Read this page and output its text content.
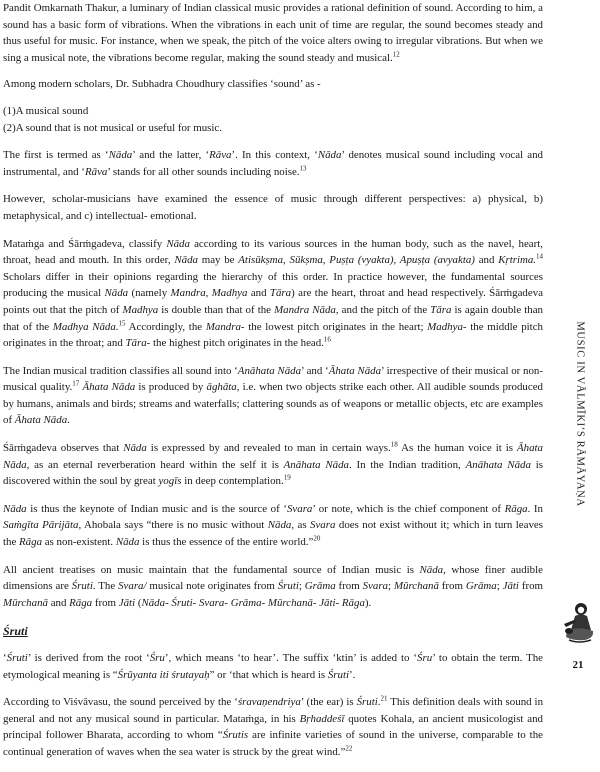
Pandit Omkarnath Thakur, a luminary of Indian classical music provides a rational definition of sound. According to him, a sound has a basic form of vibrations. When the vibrations in each unit of time are regular, the sound becomes steady and thus useful for music. For instance, when we speak, the pitch of the voice alters owing to irregular vibrations. But when we sing a musical note, the vibrations become regular, making the sound steady and musical.$^{12}$

Among modern scholars, Dr. Subhadra Choudhury classifies ‘sound’ as -

(1)A musical sound
(2)A sound that is not musical or useful for music.

The first is termed as ‘Nāda’ and the latter, ‘Rāva’. In this context, ‘Nāda’ denotes musical sound including vocal and instrumental, and ‘Rāva’ stands for all other sounds including noise.$^{13}$

However, scholar-musicians have examined the essence of music through different perspectives: a) physical, b) metaphysical, and c) intellectual- emotional.

Mataṁga and Śārṁgadeva, classify Nāda according to its various sources in the human body, such as the navel, heart, throat, head and mouth. In this order, Nāda may be Atisūkṣma, Sūkṣma, Puṣṭa (vyakta), Apuṣṭa (avyakta) and Kṛtrima.$^{14}$ Scholars differ in their opinions regarding the hierarchy of this order. In practice however, the fundamental sources producing the musical Nāda (namely Mandra, Madhya and Tāra) are the heart, throat and head respectively. Śārṁgadeva points out that the pitch of Madhya is double than that of the Mandra Nāda, and the pitch of the Tāra is again double than that of the Madhya Nāda.$^{15}$ Accordingly, the Mandra- the lowest pitch originates in the heart; Madhya- the middle pitch originates in the throat; and Tāra- the highest pitch originates in the head.$^{16}$

The Indian musical tradition classifies all sound into ‘Anāhata Nāda’ and ‘Āhata Nāda’ irrespective of their musical or non-musical quality.$^{17}$ Āhata Nāda is produced by āghāta, i.e. when two objects strike each other. All audible sounds produced by humans, animals and birds; streams and waterfalls; clattering sounds as of weapons or metallic objects, etc are examples of Āhata Nāda.

Śārṁgadeva observes that Nāda is expressed by and revealed to man in certain ways.$^{18}$ As the human voice it is Āhata Nāda, as an eternal reverberation heard within the self it is Anāhata Nāda. In the Indian tradition, Anāhata Nāda is discovered within the soul by great yogīs in deep contemplation.$^{19}$

Nāda is thus the keynote of Indian music and is the source of ‘Svara’ or note, which is the chief component of Rāga. In Saṁgīta Pārijāta, Ahobala says “there is no music without Nāda, as Svara does not exist without it; which in turn leaves the Rāga as non-existent. Nāda is thus the essence of the entire world.”$^{20}$

All ancient treatises on music maintain that the fundamental source of Indian music is Nāda, whose finer audible dimensions are Śruti. The Svara/ musical note originates from Śruti; Grāma from Svara; Mūrchanā from Grāma; Jāti from Mūrchanā and Rāga from Jāti (Nāda- Śruti- Svara- Grāma- Mūrchanā- Jāti- Rāga).

Śruti

‘Śruti’ is derived from the root ‘Śru’, which means ‘to hear’. The suffix ‘ktin’ is added to ‘Śru’ to obtain the term. The etymological meaning is “Śrūyanta iti śrutayaḥ” or ‘that which is heard is Śruti’.

According to Viśvāvasu, the sound perceived by the ‘śravaṇendriya’ (the ear) is Śruti.$^{21}$ This definition deals with sound in general and not any musical sound in particular. Mataṁga, in his Bṛhaddeśī quotes Kohala, an ancient musicologist and principal follower Bharata, according to whom “Śrutis are infinite varieties of sound in the universe, comparable to the continual generation of waves when the sea water is struck by the great wind.”$^{22}$

MUSIC IN VĀLMĪKI’S RĀMĀYAṆA
21
